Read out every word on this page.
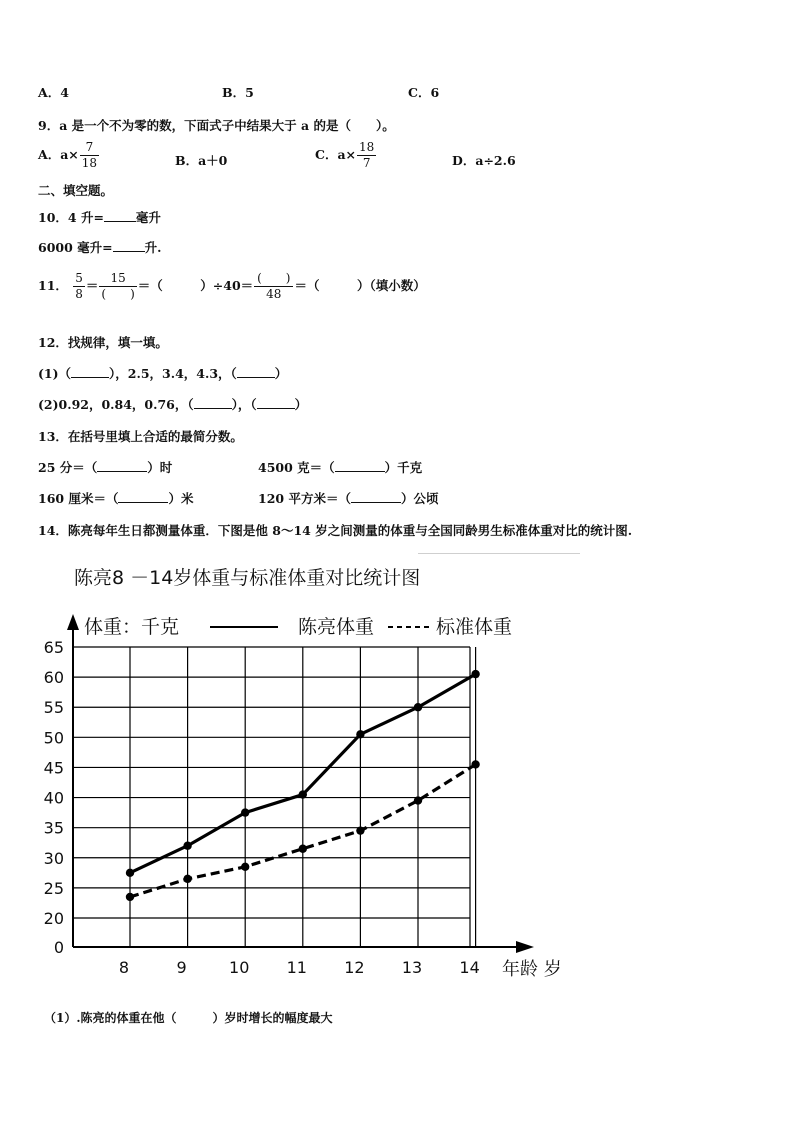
A．4	B．5	C．6
9．a 是一个不为零的数，下面式子中结果大于 a 的是（　　）。
A．$a\times \frac{7}{18}$	B．a＋0	C．$a\times \frac{18}{7}$	D．a÷2.6
二、填空题。
10．4 升=	毫升
6000 毫升=	升.
11． $\frac{5}{8} = \frac{15}{( )}$ ＝（　　　）$\div 40= \frac{( )}{48}$ ＝（　　　）（填小数）
12．找规律，填一填。
(1)（	），2.5，3.4，4.3，（	）
(2)0.92，0.84，0.76，（	），（	）
13．在括号里填上合适的最简分数。
25 分＝（	）时	4500 克＝（	）千克
160 厘米＝（	）米	120 平方米＝（	）公顷
14．陈亮每年生日都测量体重．下图是他 8～14 岁之间测量的体重与全国同龄男生标准体重对比的统计图.
陈亮8 －14岁体重与标准体重对比统计图
体重：千克	陈亮体重	标准体重
0
20
25
30
35
40
45
50
55
60
65
8	9	10 11 12 13 14 年龄 岁
（1）.陈亮的体重在他（　　　）岁时增长的幅度最大
